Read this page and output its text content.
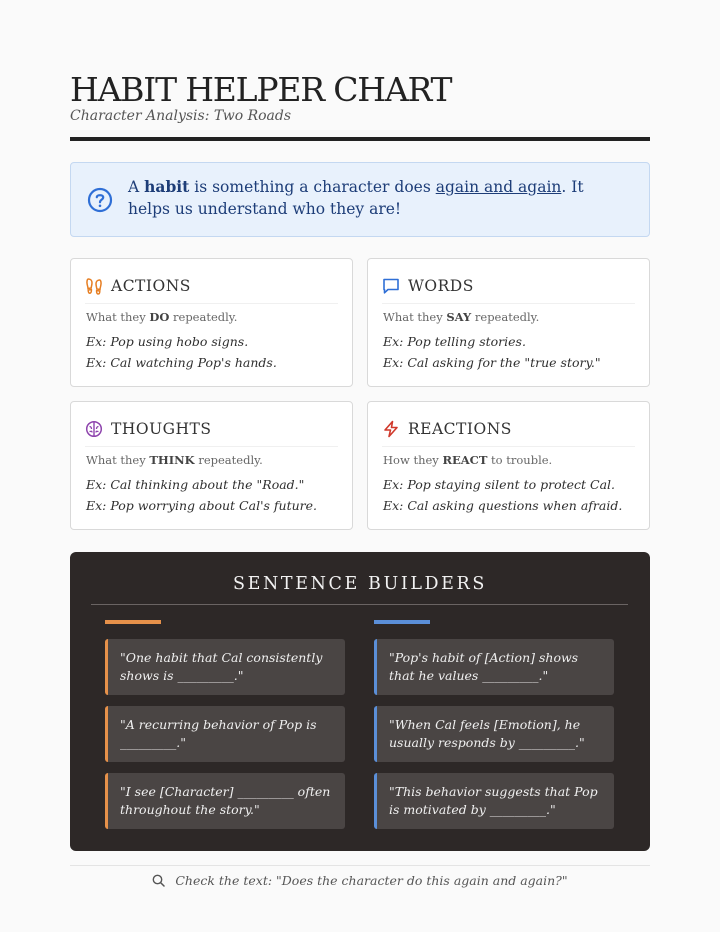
HABIT HELPER CHART
Character Analysis: Two Roads
A habit is something a character does again and again. It helps us understand who they are!
ACTIONS
What they DO repeatedly.
Ex: Pop using hobo signs.
Ex: Cal watching Pop's hands.
WORDS
What they SAY repeatedly.
Ex: Pop telling stories.
Ex: Cal asking for the "true story."
THOUGHTS
What they THINK repeatedly.
Ex: Cal thinking about the "Road."
Ex: Pop worrying about Cal's future.
REACTIONS
How they REACT to trouble.
Ex: Pop staying silent to protect Cal.
Ex: Cal asking questions when afraid.
SENTENCE BUILDERS
"One habit that Cal consistently shows is _________."
"A recurring behavior of Pop is _________."
"I see [Character] _________ often throughout the story."
"Pop's habit of [Action] shows that he values _________."
"When Cal feels [Emotion], he usually responds by _________."
"This behavior suggests that Pop is motivated by _________."
Check the text: "Does the character do this again and again?"
